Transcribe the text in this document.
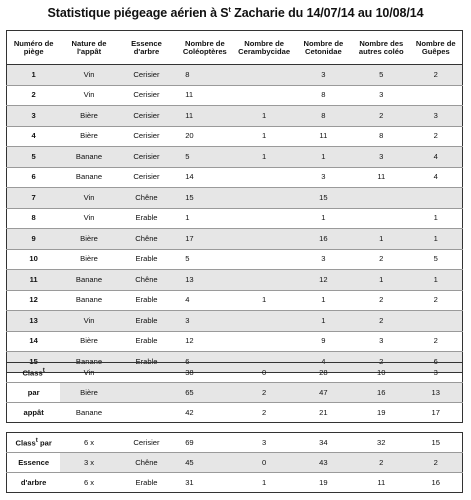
Statistique piégeage aérien à $S^t$ Zacharie du 14/07/14 au 10/08/14
Numéro de piège	Nature de l'appât	Essence d'arbre	Nombre de Coléoptères	Nombre de Cerambycidae	Nombre de Cetonidae	Nombre des autres coléo	Nombre de Guêpes
1	Vin	Cerisier	8		3	5	2
2	Vin	Cerisier	11		8	3	
3	Bière	Cerisier	11	1	8	2	3
4	Bière	Cerisier	20	1	11	8	2
5	Banane	Cerisier	5	1	1	3	4
6	Banane	Cerisier	14		3	11	4
7	Vin	Chêne	15		15		
8	Vin	Erable	1		1		1
9	Bière	Chêne	17		16	1	1
10	Bière	Erable	5		3	2	5
11	Banane	Chêne	13		12	1	1
12	Banane	Erable	4	1	1	2	2
13	Vin	Erable	3		1	2	
14	Bière	Erable	12		9	3	2
15	Banane	Erable	6		4	2	6
Class$^t$	Vin		38	0	28	10	3
par	Bière		65	2	47	16	13
appât	Banane		42	2	21	19	17
Class$^t$ par	6 x	Cerisier	69	3	34	32	15
Essence	3 x	Chêne	45	0	43	2	2
d'arbre	6 x	Erable	31	1	19	11	16
